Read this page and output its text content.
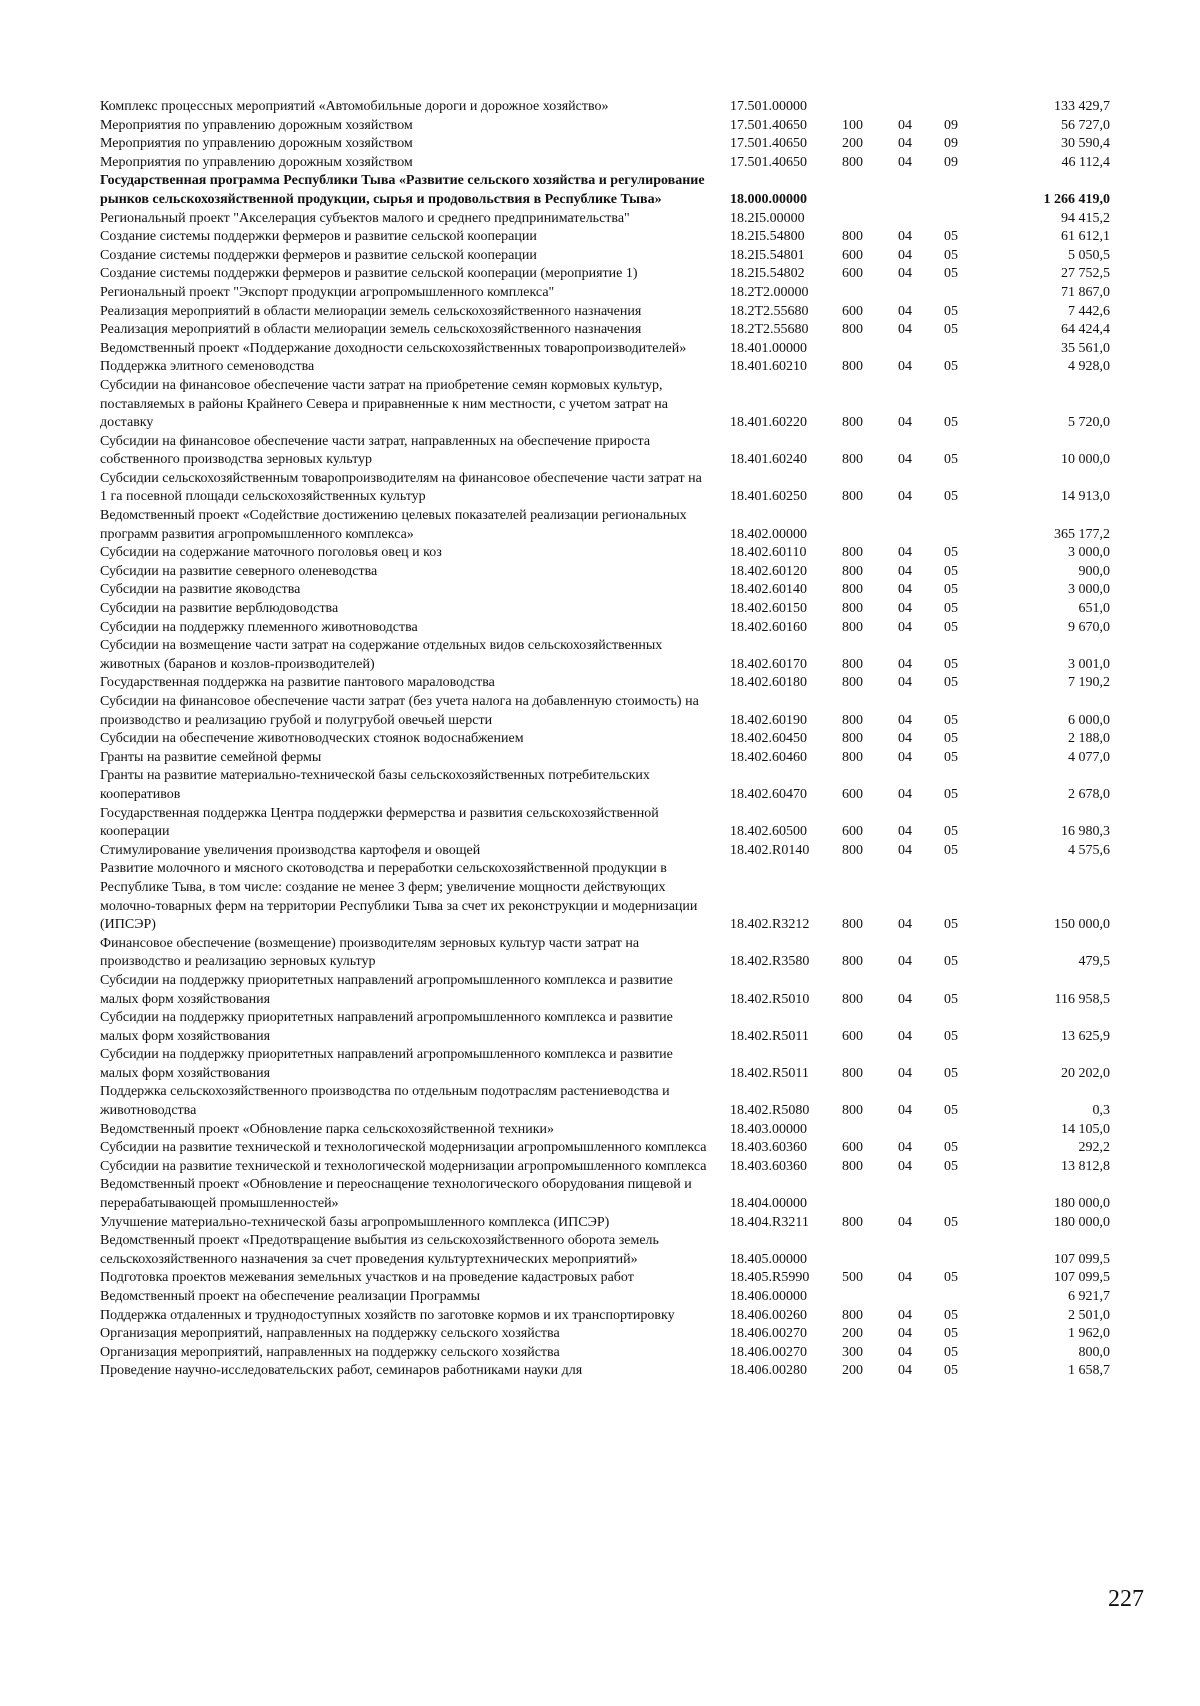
Комплекс процессных мероприятий «Автомобильные дороги и дорожное хозяйство»	17.501.00000	133 429,7
Мероприятия по управлению дорожным хозяйством	17.501.40650	100	04	09	56 727,0
Мероприятия по управлению дорожным хозяйством	17.501.40650	200	04	09	30 590,4
Мероприятия по управлению дорожным хозяйством	17.501.40650	800	04	09	46 112,4
Государственная программа Республики Тыва «Развитие сельского хозяйства и регулирование рынков сельскохозяйственной продукции, сырья и продовольствия в Республике Тыва»	18.000.00000	1 266 419,0
Региональный проект "Акселерация субъектов малого и среднего предпринимательства"	18.2I5.00000	94 415,2
Создание системы поддержки фермеров и развитие сельской кооперации	18.2I5.54800	800	04	05	61 612,1
Создание системы поддержки фермеров и развитие сельской кооперации	18.2I5.54801	600	04	05	5 050,5
Создание системы поддержки фермеров и развитие сельской кооперации (мероприятие 1)	18.2I5.54802	600	04	05	27 752,5
Региональный проект "Экспорт продукции агропромышленного комплекса"	18.2T2.00000	71 867,0
Реализация мероприятий в области мелиорации земель сельскохозяйственного назначения	18.2T2.55680	600	04	05	7 442,6
Реализация мероприятий в области мелиорации земель сельскохозяйственного назначения	18.2T2.55680	800	04	05	64 424,4
Ведомственный проект «Поддержание доходности сельскохозяйственных товаропроизводителей»	18.401.00000	35 561,0
Поддержка элитного семеноводства	18.401.60210	800	04	05	4 928,0
Субсидии на финансовое обеспечение части затрат на приобретение семян кормовых культур, поставляемых в районы Крайнего Севера и приравненные к ним местности, с учетом затрат на доставку	18.401.60220	800	04	05	5 720,0
Субсидии на финансовое обеспечение части затрат, направленных на обеспечение прироста собственного производства зерновых культур	18.401.60240	800	04	05	10 000,0
Субсидии сельскохозяйственным товаропроизводителям на финансовое обеспечение части затрат на 1 га посевной площади сельскохозяйственных культур	18.401.60250	800	04	05	14 913,0
Ведомственный проект «Содействие достижению целевых показателей реализации региональных программ развития агропромышленного комплекса»	18.402.00000	365 177,2
Субсидии на содержание маточного поголовья овец и коз	18.402.60110	800	04	05	3 000,0
Субсидии на развитие северного оленеводства	18.402.60120	800	04	05	900,0
Субсидии на развитие яководства	18.402.60140	800	04	05	3 000,0
Субсидии на развитие верблюдоводства	18.402.60150	800	04	05	651,0
Субсидии на поддержку племенного животноводства	18.402.60160	800	04	05	9 670,0
Субсидии на возмещение части затрат на содержание отдельных видов сельскохозяйственных животных (баранов и козлов-производителей)	18.402.60170	800	04	05	3 001,0
Государственная поддержка на развитие пантового мараловодства	18.402.60180	800	04	05	7 190,2
Субсидии на финансовое обеспечение части затрат (без учета налога на добавленную стоимость) на производство и реализацию грубой и полугрубой овечьей шерсти	18.402.60190	800	04	05	6 000,0
Субсидии на обеспечение животноводческих стоянок водоснабжением	18.402.60450	800	04	05	2 188,0
Гранты на развитие семейной фермы	18.402.60460	800	04	05	4 077,0
Гранты на развитие материально-технической базы сельскохозяйственных потребительских кооперативов	18.402.60470	600	04	05	2 678,0
Государственная поддержка Центра поддержки фермерства и развития сельскохозяйственной кооперации	18.402.60500	600	04	05	16 980,3
Стимулирование увеличения производства картофеля и овощей	18.402.R0140	800	04	05	4 575,6
Развитие молочного и мясного скотоводства и переработки сельскохозяйственной продукции в Республике Тыва, в том числе: создание не менее 3 ферм; увеличение мощности действующих молочно-товарных ферм на территории Республики Тыва за счет их реконструкции и модернизации (ИПСЭР)	18.402.R3212	800	04	05	150 000,0
Финансовое обеспечение (возмещение) производителям зерновых культур части затрат на производство и реализацию зерновых культур	18.402.R3580	800	04	05	479,5
Субсидии на поддержку приоритетных направлений агропромышленного комплекса и развитие малых форм хозяйствования	18.402.R5010	800	04	05	116 958,5
Субсидии на поддержку приоритетных направлений агропромышленного комплекса и развитие малых форм хозяйствования	18.402.R5011	600	04	05	13 625,9
Субсидии на поддержку приоритетных направлений агропромышленного комплекса и развитие малых форм хозяйствования	18.402.R5011	800	04	05	20 202,0
Поддержка сельскохозяйственного производства по отдельным подотраслям растениеводства и животноводства	18.402.R5080	800	04	05	0,3
Ведомственный проект «Обновление парка сельскохозяйственной техники»	18.403.00000	14 105,0
Субсидии на развитие технической и технологической модернизации агропромышленного комплекса	18.403.60360	600	04	05	292,2
Субсидии на развитие технической и технологической модернизации агропромышленного комплекса	18.403.60360	800	04	05	13 812,8
Ведомственный проект «Обновление и переоснащение технологического оборудования пищевой и перерабатывающей промышленностей»	18.404.00000	180 000,0
Улучшение материально-технической базы агропромышленного комплекса (ИПСЭР)	18.404.R3211	800	04	05	180 000,0
Ведомственный проект «Предотвращение выбытия из сельскохозяйственного оборота земель сельскохозяйственного назначения за счет проведения культуртехнических мероприятий»	18.405.00000	107 099,5
Подготовка проектов межевания земельных участков и на проведение кадастровых работ	18.405.R5990	500	04	05	107 099,5
Ведомственный проект на обеспечение реализации Программы	18.406.00000	6 921,7
Поддержка отдаленных и труднодоступных хозяйств по заготовке кормов и их транспортировку	18.406.00260	800	04	05	2 501,0
Организация мероприятий, направленных на поддержку сельского хозяйства	18.406.00270	200	04	05	1 962,0
Организация мероприятий, направленных на поддержку сельского хозяйства	18.406.00270	300	04	05	800,0
Проведение научно-исследовательских работ, семинаров работниками науки для	18.406.00280	200	04	05	1 658,7
227
